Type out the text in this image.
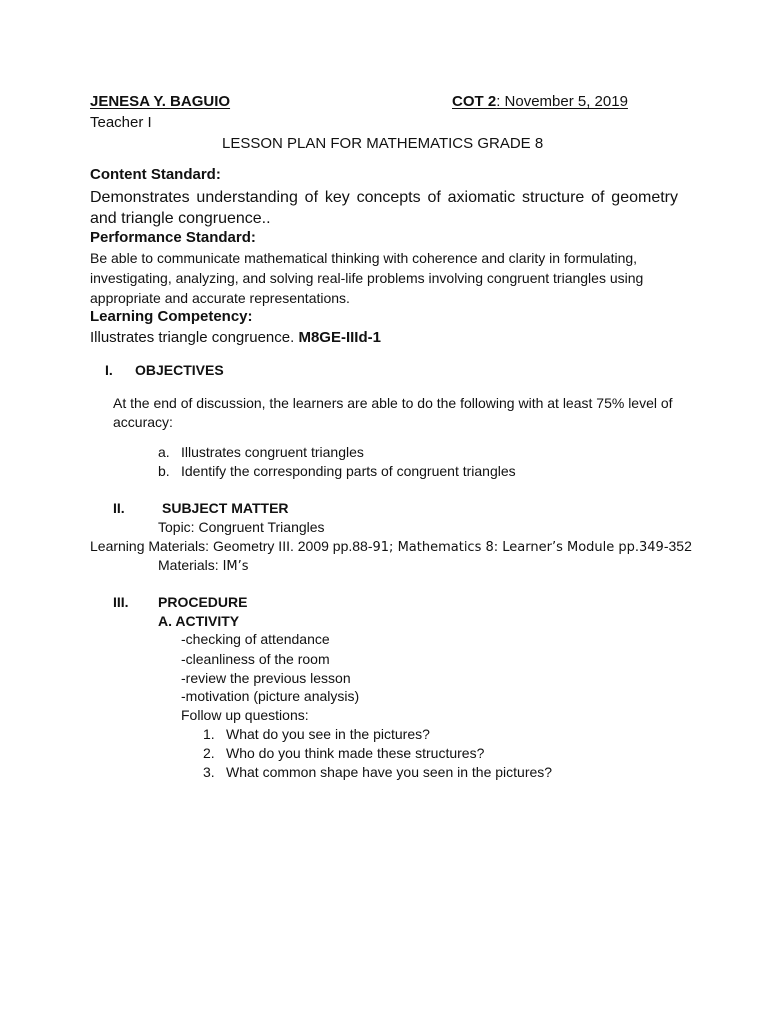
JENESA Y. BAGUIO	COT 2: November 5, 2019
Teacher I
LESSON PLAN FOR MATHEMATICS GRADE 8
Content Standard:
Demonstrates understanding of key concepts of axiomatic structure of geometry and triangle congruence..
Performance Standard:
Be able to communicate mathematical thinking with coherence and clarity in formulating, investigating, analyzing, and solving real-life problems involving congruent triangles using appropriate and accurate representations.
Learning Competency:
Illustrates triangle congruence. M8GE-IIId-1
I. OBJECTIVES
At the end of discussion, the learners are able to do the following with at least 75% level of accuracy:
a. Illustrates congruent triangles
b. Identify the corresponding parts of congruent triangles
II.	SUBJECT MATTER
Topic: Congruent Triangles
Learning Materials: Geometry III. 2009 pp.88-91; Mathematics 8: Learner’s Module pp.349-352
Materials: IM’s
III. PROCEDURE
A. ACTIVITY
-checking of attendance
-cleanliness of the room
-review the previous lesson
-motivation (picture analysis)
Follow up questions:
1. What do you see in the pictures?
2. Who do you think made these structures?
3. What common shape have you seen in the pictures?
